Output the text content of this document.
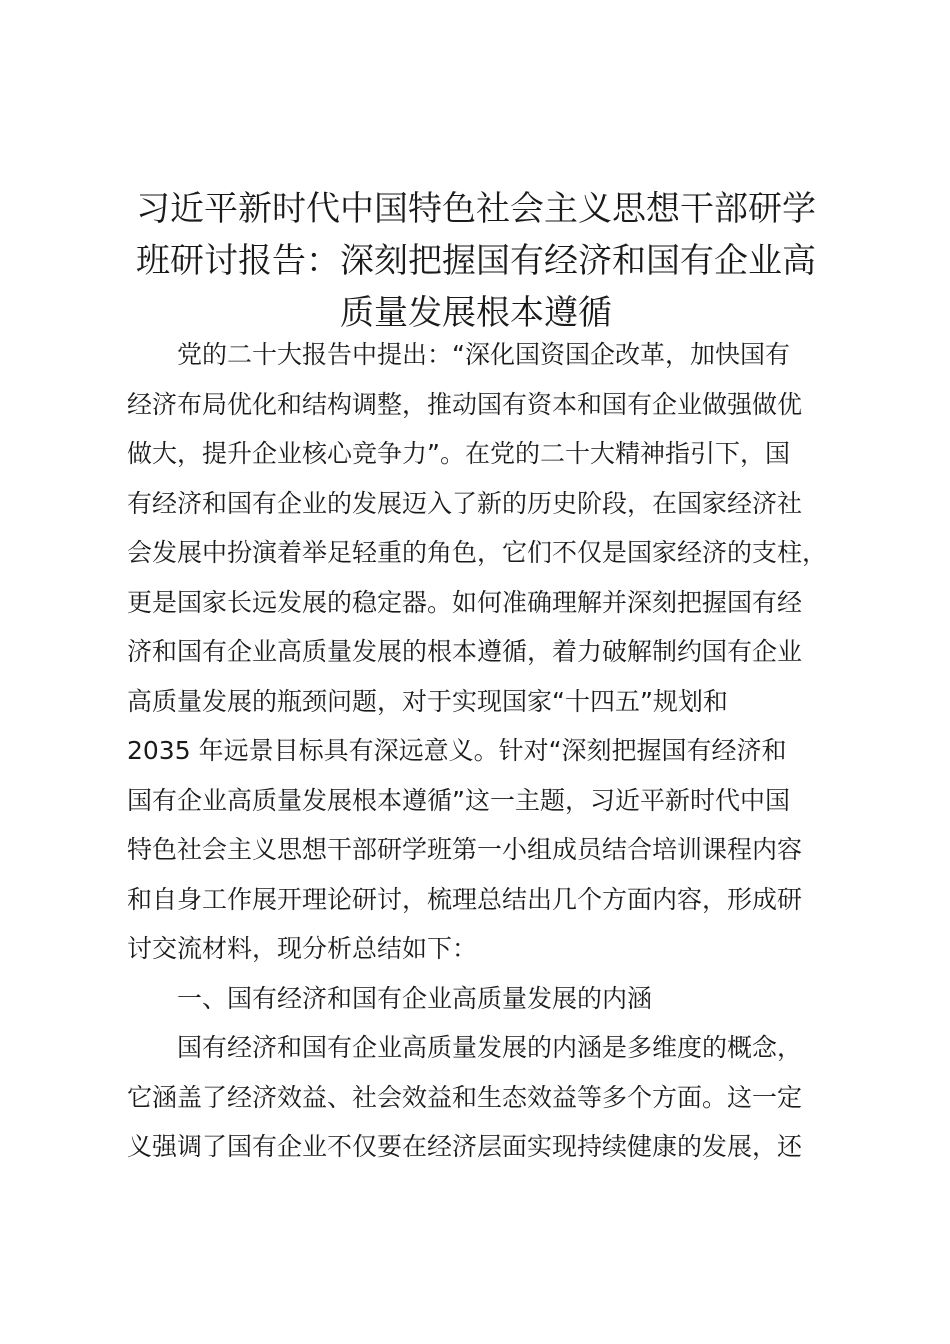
习近平新时代中国特色社会主义思想干部研学班研讨报告：深刻把握国有经济和国有企业高质量发展根本遵循
党的二十大报告中提出：“深化国资国企改革，加快国有
经济布局优化和结构调整，推动国有资本和国有企业做强做优
做大，提升企业核心竞争力”。在党的二十大精神指引下，国
有经济和国有企业的发展迈入了新的历史阶段，在国家经济社
会发展中扮演着举足轻重的角色，它们不仅是国家经济的支柱，
更是国家长远发展的稳定器。如何准确理解并深刻把握国有经
济和国有企业高质量发展的根本遵循，着力破解制约国有企业
高质量发展的瓶颈问题，对于实现国家“十四五”规划和
2035 年远景目标具有深远意义。针对“深刻把握国有经济和
国有企业高质量发展根本遵循”这一主题，习近平新时代中国
特色社会主义思想干部研学班第一小组成员结合培训课程内容
和自身工作展开理论研讨，梳理总结出几个方面内容，形成研
讨交流材料，现分析总结如下：
一、国有经济和国有企业高质量发展的内涵
国有经济和国有企业高质量发展的内涵是多维度的概念，
它涵盖了经济效益、社会效益和生态效益等多个方面。这一定
义强调了国有企业不仅要在经济层面实现持续健康的发展，还
